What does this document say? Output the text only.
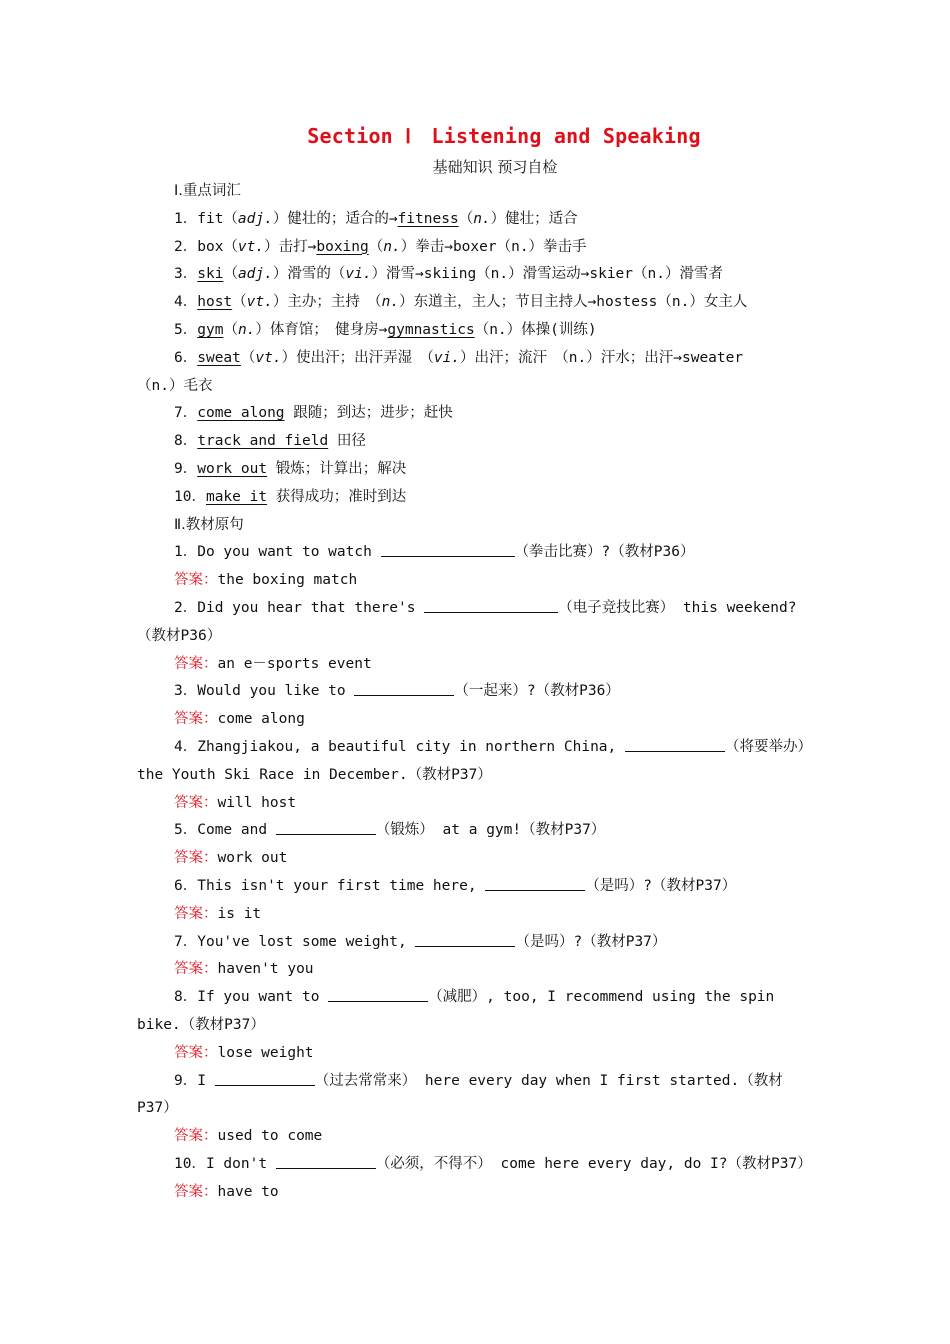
Section Ⅰ　Listening and Speaking
基础知识 预习自检
Ⅰ.重点词汇
1．fit（adj.）健壮的；适合的→fitness（n.）健壮；适合
2．box（vt.）击打→boxing（n.）拳击→boxer（n.）拳击手
3．ski（adj.）滑雪的（vi.）滑雪→skiing（n.）滑雪运动→skier（n.）滑雪者
4．host（vt.）主办；主持　（n.）东道主，主人；节目主持人→hostess（n.）女主人
5．gym（n.）体育馆；　健身房→gymnastics（n.）体操(训练)
6．sweat（vt.）使出汗；出汗弄湿　（vi.）出汗；流汗　（n.）汗水；出汗→sweater
（n.）毛衣
7．come along 跟随；到达；进步；赶快
8．track and field 田径
9．work out 锻炼；计算出；解决
10．make it 获得成功；准时到达
Ⅱ.教材原句
1．Do you want to watch	（拳击比赛）?（教材P36）
答案：the boxing match
2．Did you hear that there's	（电子竞技比赛） this weekend?
（教材P36）
答案：an e－sports event
3．Would you like to	（一起来）?（教材P36）
答案：come along
4．Zhangjiakou, a beautiful city in northern China,	（将要举办）
the Youth Ski Race in December.（教材P37）
答案：will host
5．Come and	（锻炼） at a gym!（教材P37）
答案：work out
6．This isn't your first time here,	（是吗）?（教材P37）
答案：is it
7．You've lost some weight,	（是吗）?（教材P37）
答案：haven't you
8．If you want to	（减肥）, too, I recommend using the spin
bike.（教材P37）
答案：lose weight
9．I	（过去常常来） here every day when I first started.（教材
P37）
答案：used to come
10．I don't	（必须，不得不） come here every day, do I?（教材P37）
答案：have to
